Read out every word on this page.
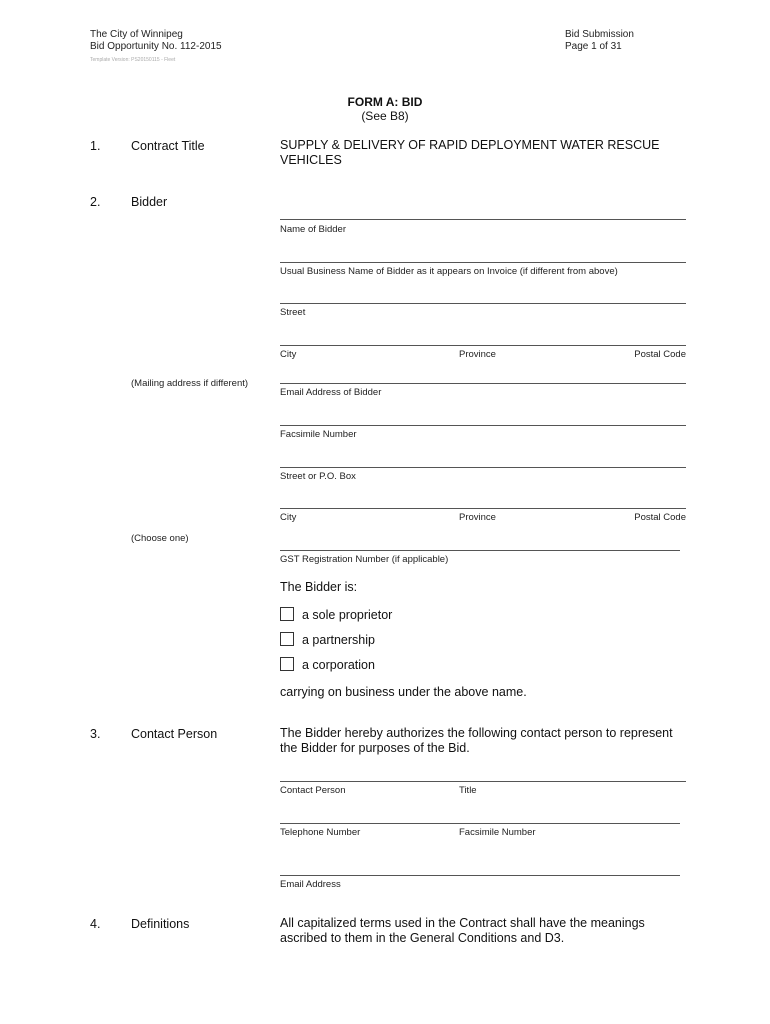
The City of Winnipeg
Bid Opportunity No. 112-2015
Template Version: PS20150115 - Fleet
Bid Submission
Page 1 of 31
FORM A: BID
(See B8)
1. Contract Title	SUPPLY & DELIVERY OF RAPID DEPLOYMENT WATER RESCUE
VEHICLES
2. Bidder
Name of Bidder
Usual Business Name of Bidder as it appears on Invoice (if different from above)
Street
City	Province	Postal Code
(Mailing address if different)
Email Address of Bidder
Facsimile Number
Street or P.O. Box
City	Province	Postal Code
(Choose one)
GST Registration Number (if applicable)
The Bidder is:
a sole proprietor
a partnership
a corporation
carrying on business under the above name.
3. Contact Person	The Bidder hereby authorizes the following contact person to represent
the Bidder for purposes of the Bid.
Contact Person	Title
Telephone Number	Facsimile Number
Email Address
4. Definitions	All capitalized terms used in the Contract shall have the meanings
ascribed to them in the General Conditions and D3.
